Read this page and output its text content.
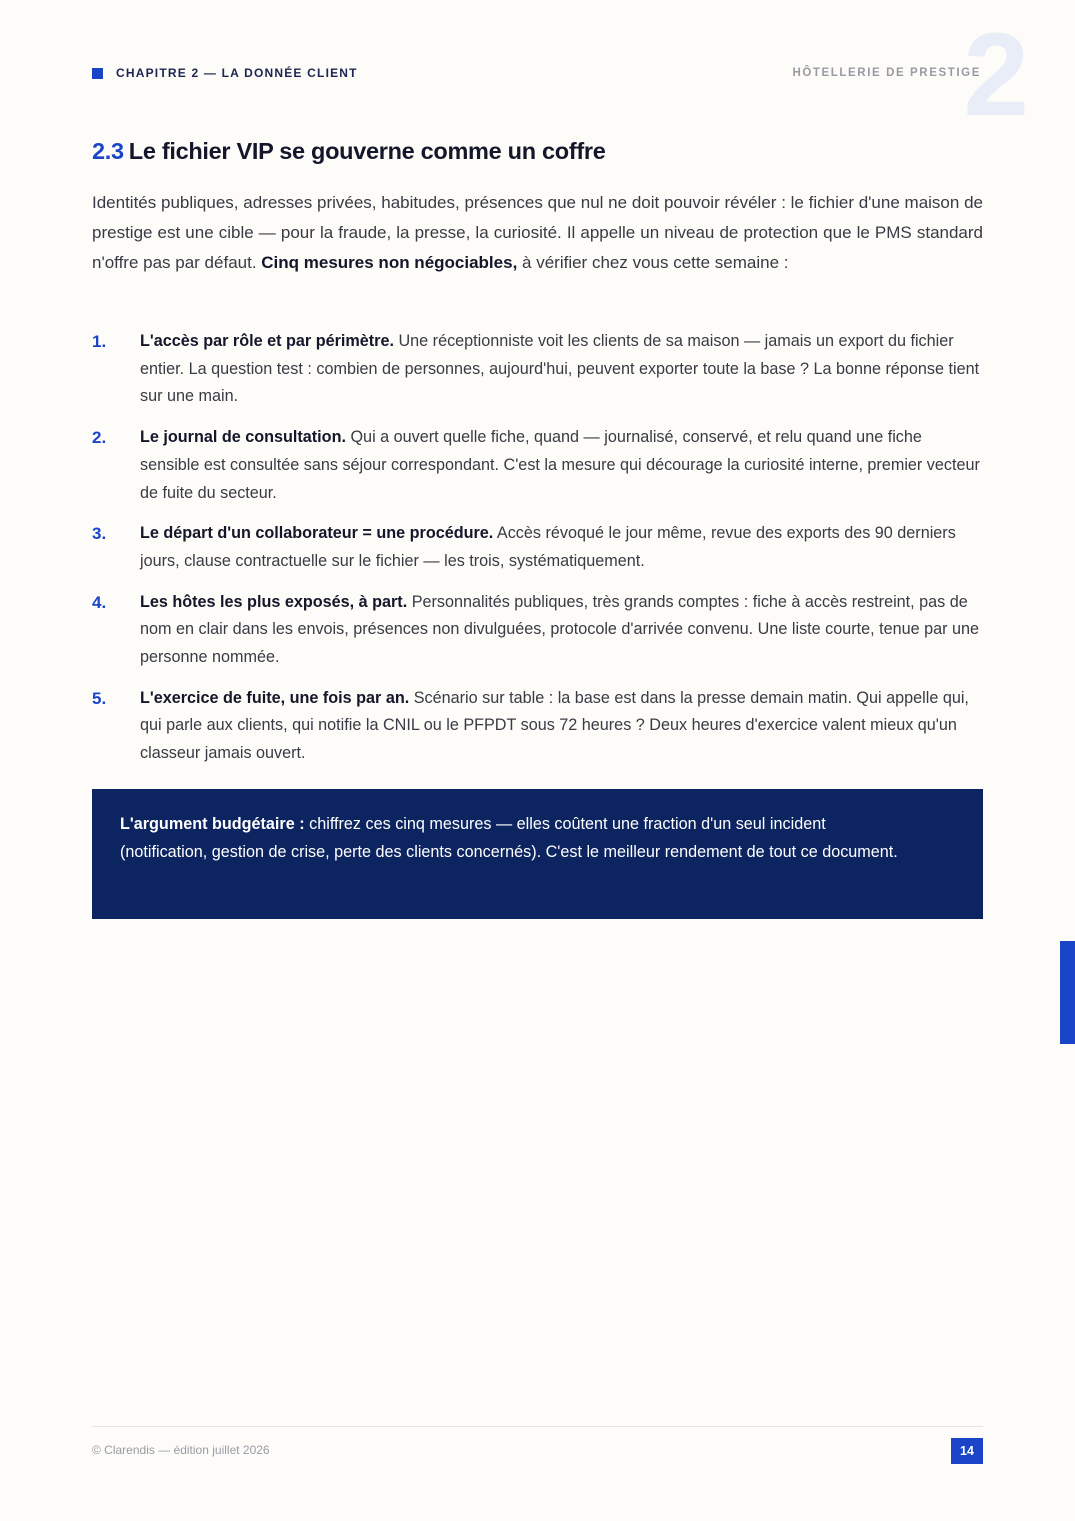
2
CHAPITRE 2 — LA DONNÉE CLIENT	HÔTELLERIE DE PRESTIGE
2.3 Le fichier VIP se gouverne comme un coffre

Identités publiques, adresses privées, habitudes, présences que nul ne doit pouvoir révéler : le fichier d'une maison de prestige est une cible — pour la fraude, la presse, la curiosité. Il appelle un niveau de protection que le PMS standard n'offre pas par défaut. Cinq mesures non négociables, à vérifier chez vous cette semaine :

1.	L'accès par rôle et par périmètre. Une réceptionniste voit les clients de sa maison — jamais un export du fichier entier. La question test : combien de personnes, aujourd'hui, peuvent exporter toute la base ? La bonne réponse tient sur une main.

2.	Le journal de consultation. Qui a ouvert quelle fiche, quand — journalisé, conservé, et relu quand une fiche sensible est consultée sans séjour correspondant. C'est la mesure qui décourage la curiosité interne, premier vecteur de fuite du secteur.

3.	Le départ d'un collaborateur = une procédure. Accès révoqué le jour même, revue des exports des 90 derniers jours, clause contractuelle sur le fichier — les trois, systématiquement.

4.	Les hôtes les plus exposés, à part. Personnalités publiques, très grands comptes : fiche à accès restreint, pas de nom en clair dans les envois, présences non divulguées, protocole d'arrivée convenu. Une liste courte, tenue par une personne nommée.

5.	L'exercice de fuite, une fois par an. Scénario sur table : la base est dans la presse demain matin. Qui appelle qui, qui parle aux clients, qui notifie la CNIL ou le PFPDT sous 72 heures ? Deux heures d'exercice valent mieux qu'un classeur jamais ouvert.

L'argument budgétaire : chiffrez ces cinq mesures — elles coûtent une fraction d'un seul incident (notification, gestion de crise, perte des clients concernés). C'est le meilleur rendement de tout ce document.

© Clarendis — édition juillet 2026	14
